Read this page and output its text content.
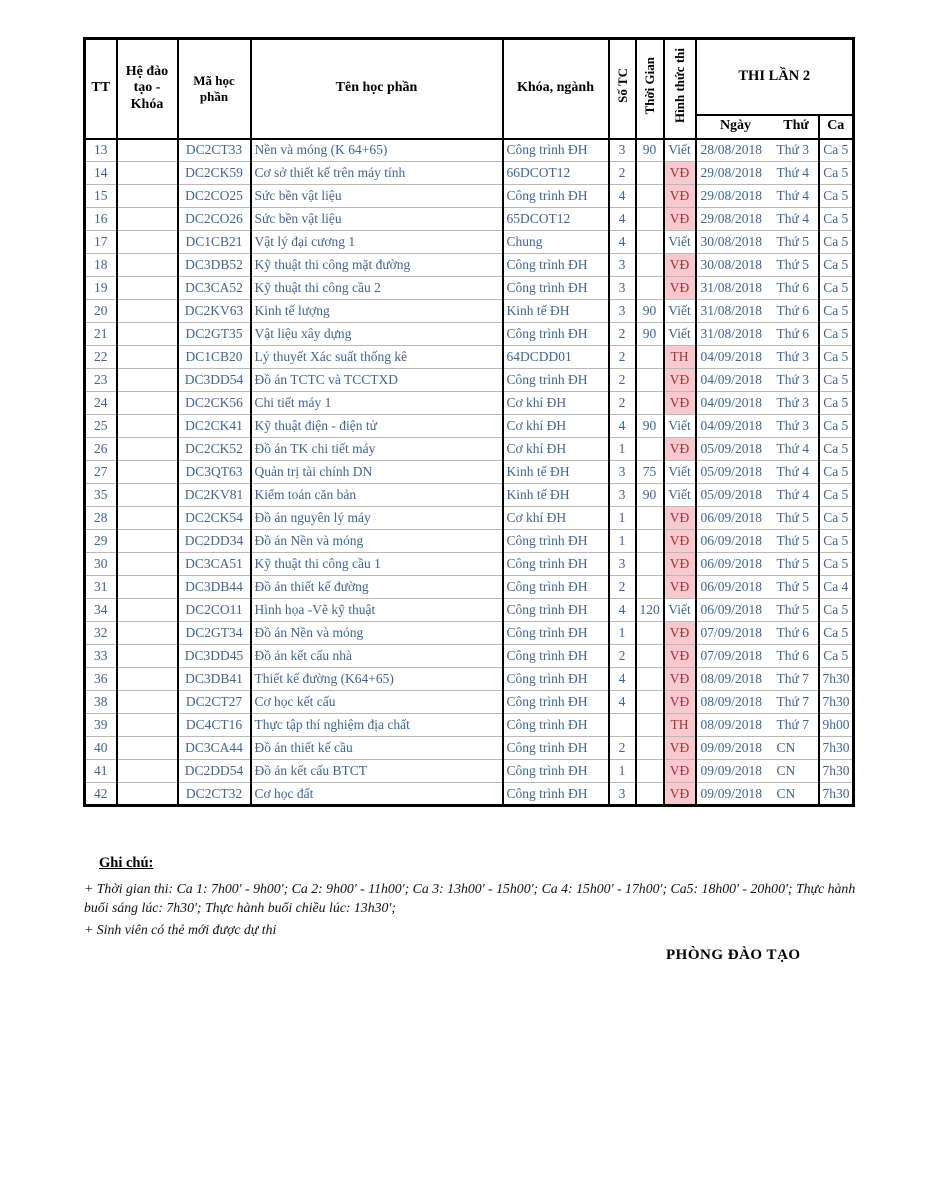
TT	Hệ đào tạo - Khóa	Mã học phần	Tên học phần	Khóa, ngành	Số TC	Thời Gian	Hình thức thi	THI LẦN 2	

								Ngày Thứ	Ca
13		DC2CT33	Nền và móng (K 64+65)	Công trình ĐH	3	90	Viết	28/08/2018 Thứ 3	Ca 5
14		DC2CK59	Cơ sở thiết kế trên máy tính	66DCOT12	2		VĐ	29/08/2018 Thứ 4	Ca 5
15		DC2CO25	Sức bền vật liệu	Công trình ĐH	4		VĐ	29/08/2018 Thứ 4	Ca 5
16		DC2CO26	Sức bền vật liệu	65DCOT12	4		VĐ	29/08/2018 Thứ 4	Ca 5
17		DC1CB21	Vật lý đại cương 1	Chung	4		Viết	30/08/2018 Thứ 5	Ca 5
18		DC3DB52	Kỹ thuật thi công mặt đường	Công trình ĐH	3		VĐ	30/08/2018 Thứ 5	Ca 5
19		DC3CA52	Kỹ thuật thi công cầu 2	Công trình ĐH	3		VĐ	31/08/2018 Thứ 6	Ca 5
20		DC2KV63	Kinh tế lượng	Kinh tế ĐH	3	90	Viết	31/08/2018 Thứ 6	Ca 5
21		DC2GT35	Vật liệu xây dựng	Công trình ĐH	2	90	Viết	31/08/2018 Thứ 6	Ca 5
22		DC1CB20	Lý thuyết Xác suất thống kê	64DCDD01	2		TH	04/09/2018 Thứ 3	Ca 5
23		DC3DD54	Đồ án TCTC và TCCTXD	Công trình ĐH	2		VĐ	04/09/2018 Thứ 3	Ca 5
24		DC2CK56	Chi tiết máy 1	Cơ khí ĐH	2		VĐ	04/09/2018 Thứ 3	Ca 5
25		DC2CK41	Kỹ thuật điện - điện tử	Cơ khí ĐH	4	90	Viết	04/09/2018 Thứ 3	Ca 5
26		DC2CK52	Đồ án TK chi tiết máy	Cơ khí ĐH	1		VĐ	05/09/2018 Thứ 4	Ca 5
27		DC3QT63	Quản trị tài chính DN	Kinh tế ĐH	3	75	Viết	05/09/2018 Thứ 4	Ca 5
35		DC2KV81	Kiểm toán căn bản	Kinh tế ĐH	3	90	Viết	05/09/2018 Thứ 4	Ca 5
28		DC2CK54	Đồ án nguyên lý máy	Cơ khí ĐH	1		VĐ	06/09/2018 Thứ 5	Ca 5
29		DC2DD34	Đồ án Nền và móng	Công trình ĐH	1		VĐ	06/09/2018 Thứ 5	Ca 5
30		DC3CA51	Kỹ thuật thi công cầu 1	Công trình ĐH	3		VĐ	06/09/2018 Thứ 5	Ca 5
31		DC3DB44	Đồ án thiết kế đường	Công trình ĐH	2		VĐ	06/09/2018 Thứ 5	Ca 4
34		DC2CO11	Hình họa -Vẽ kỹ thuật	Công trình ĐH	4	120	Viết	06/09/2018 Thứ 5	Ca 5
32		DC2GT34	Đồ án Nền và móng	Công trình ĐH	1		VĐ	07/09/2018 Thứ 6	Ca 5
33		DC3DD45	Đồ án kết cấu nhà	Công trình ĐH	2		VĐ	07/09/2018 Thứ 6	Ca 5
36		DC3DB41	Thiết kế đường (K64+65)	Công trình ĐH	4		VĐ	08/09/2018 Thứ 7	7h30
38		DC2CT27	Cơ học kết cấu	Công trình ĐH	4		VĐ	08/09/2018 Thứ 7	7h30
39		DC4CT16	Thực tập thí nghiệm địa chất	Công trình ĐH			TH	08/09/2018 Thứ 7	9h00
40		DC3CA44	Đồ án thiết kế cầu	Công trình ĐH	2		VĐ	09/09/2018 CN	7h30
41		DC2DD54	Đồ án kết cấu BTCT	Công trình ĐH	1		VĐ	09/09/2018 CN	7h30
42		DC2CT32	Cơ học đất	Công trình ĐH	3		VĐ	09/09/2018 CN	7h30
Ghi chú:
+ Thời gian thi: Ca 1: 7h00' - 9h00'; Ca 2: 9h00' - 11h00'; Ca 3: 13h00' - 15h00'; Ca 4: 15h00' - 17h00'; Ca5: 18h00' - 20h00'; Thực hành buổi sáng lúc: 7h30'; Thực hành buổi chiều lúc: 13h30';
+ Sinh viên có thẻ mới được dự thi
PHÒNG ĐÀO TẠO
